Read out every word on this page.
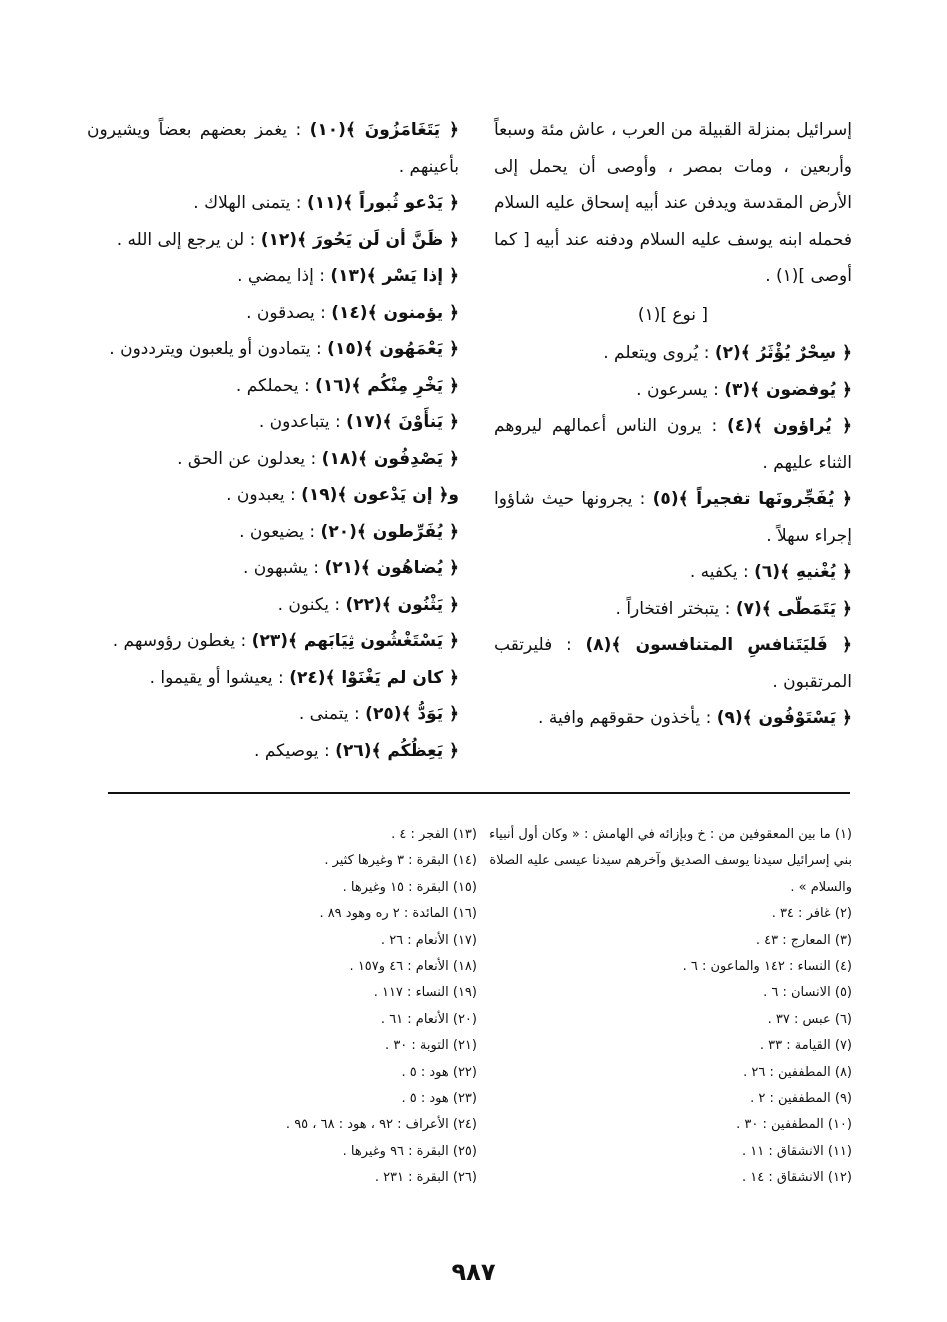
إسرائيل بمنزلة القبيلة من العرب ، عاش مئة وسبعاً وأربعين ، ومات بمصر ، وأوصى أن يحمل إلى الأرض المقدسة ويدفن عند أبيه إسحاق عليه السلام فحمله ابنه يوسف عليه السلام ودفنه عند أبيه [ كما أوصى ](١) .

[ نوع ](١)

﴿ سِحْرٌ يُؤْثَرُ ﴾(٢) : يُروى ويتعلم .

﴿ يُوفضون ﴾(٣) : يسرعون .

﴿ يُراؤون ﴾(٤) : يرون الناس أعمالهم ليروهم الثناء عليهم .

﴿ يُفَجِّرونَها تفجيراً ﴾(٥) : يجرونها حيث شاؤوا إجراء سهلاً .

﴿ يُغْنيهِ ﴾(٦) : يكفيه .

﴿ يَتَمَطّى ﴾(٧) : يتبختر افتخاراً .

﴿ فَليَتَنافسِ المتنافسون ﴾(٨) : فليرتقب المرتقبون .

﴿ يَسْتَوْفُون ﴾(٩) : يأخذون حقوقهم وافية .

﴿ يَتَغَامَزُونَ ﴾(١٠) : يغمز بعضهم بعضاً ويشيرون بأعينهم .

﴿ يَدْعو ثُبوراً ﴾(١١) : يتمنى الهلاك .

﴿ ظَنَّ أن لَن يَحُورَ ﴾(١٢) : لن يرجع إلى الله .

﴿ إذا يَسْر ﴾(١٣) : إذا يمضي .

﴿ يؤمنون ﴾(١٤) : يصدقون .

﴿ يَعْمَهُون ﴾(١٥) : يتمادون أو يلعبون ويترددون .

﴿ يَخْرِ مِنْكُم ﴾(١٦) : يحملكم .

﴿ يَنأَوْنَ ﴾(١٧) : يتباعدون .

﴿ يَصْدِفُون ﴾(١٨) : يعدلون عن الحق .

و﴿ إن يَدْعون ﴾(١٩) : يعبدون .

﴿ يُفَرِّطون ﴾(٢٠) : يضيعون .

﴿ يُضاهُون ﴾(٢١) : يشبهون .

﴿ يَثْنُون ﴾(٢٢) : يكنون .

﴿ يَسْتَغْشُون ثِيَابَهم ﴾(٢٣) : يغطون رؤوسهم .

﴿ كان لم يَغْنَوْا ﴾(٢٤) : يعيشوا أو يقيموا .

﴿ يَوَدُّ ﴾(٢٥) : يتمنى .

﴿ يَعِظُكُم ﴾(٢٦) : يوصيكم .

(١) ما بين المعقوفين من : خ وبإزائه في الهامش : « وكان أول أنبياء بني إسرائيل سيدنا يوسف الصديق وآخرهم سيدنا عيسى عليه الصلاة والسلام » .
(٢) غافر : ٣٤ .
(٣) المعارج : ٤٣ .
(٤) النساء : ١٤٢ والماعون : ٦ .
(٥) الانسان : ٦ .
(٦) عبس : ٣٧ .
(٧) القيامة : ٣٣ .
(٨) المطففين : ٢٦ .
(٩) المطففين : ٢ .
(١٠) المطففين : ٣٠ .
(١١) الانشقاق : ١١ .
(١٢) الانشقاق : ١٤ .
(١٣) الفجر : ٤ .
(١٤) البقرة : ٣ وغيرها كثير .
(١٥) البقرة : ١٥ وغيرها .
(١٦) المائدة : ٢ ره وهود ٨٩ .
(١٧) الأنعام : ٢٦ .
(١٨) الأنعام : ٤٦ و١٥٧ .
(١٩) النساء : ١١٧ .
(٢٠) الأنعام : ٦١ .
(٢١) التوبة : ٣٠ .
(٢٢) هود : ٥ .
(٢٣) هود : ٥ .
(٢٤) الأعراف : ٩٢ ، هود : ٦٨ ، ٩٥ .
(٢٥) البقرة : ٩٦ وغيرها .
(٢٦) البقرة : ٢٣١ .
٩٨٧
